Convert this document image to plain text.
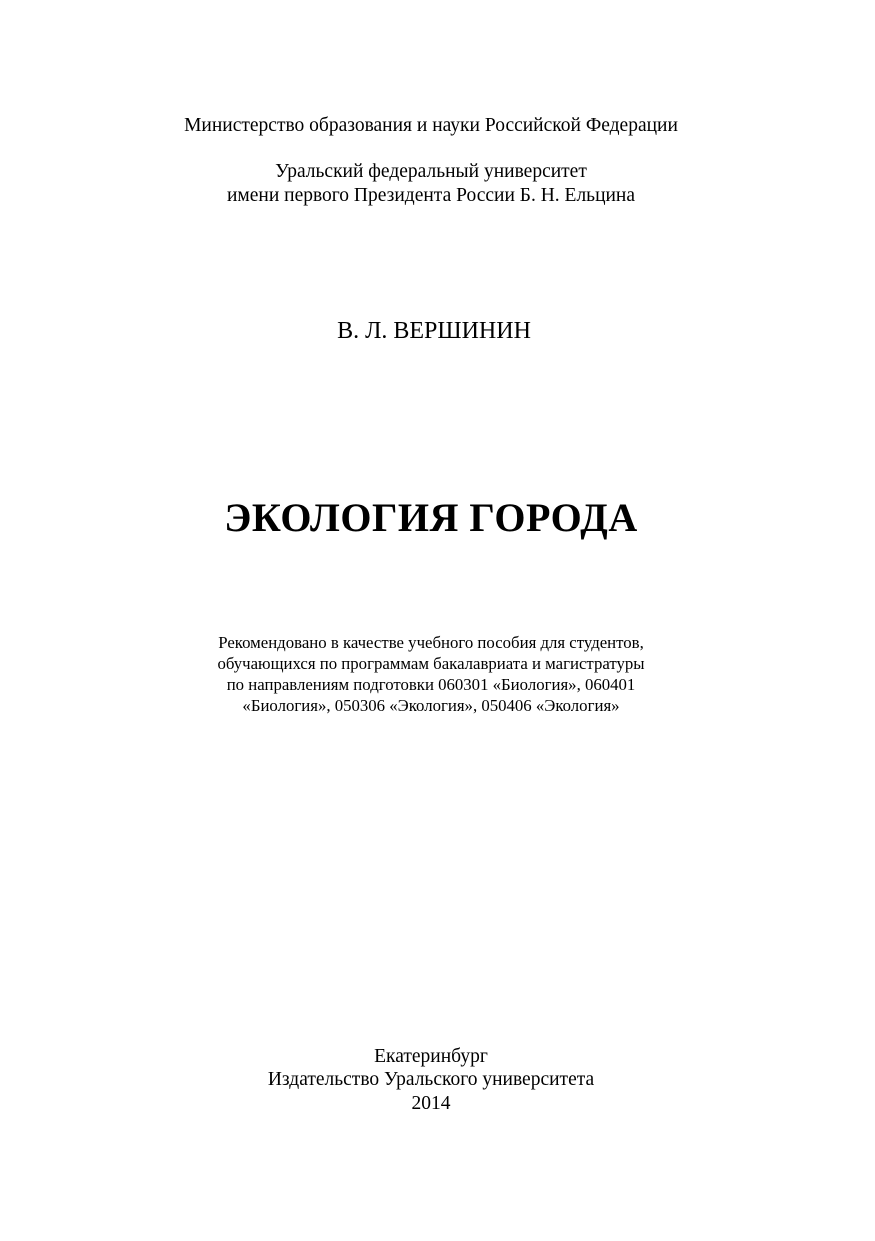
Министерство образования и науки Российской Федерации
Уральский федеральный университет
имени первого Президента России Б. Н. Ельцина
В. Л. ВЕРШИНИН
ЭКОЛОГИЯ ГОРОДА
Рекомендовано в качестве учебного пособия для студентов,
обучающихся по программам бакалавриата и магистратуры
по направлениям подготовки 060301 «Биология», 060401
«Биология», 050306 «Экология», 050406 «Экология»
Екатеринбург
Издательство Уральского университета
2014
